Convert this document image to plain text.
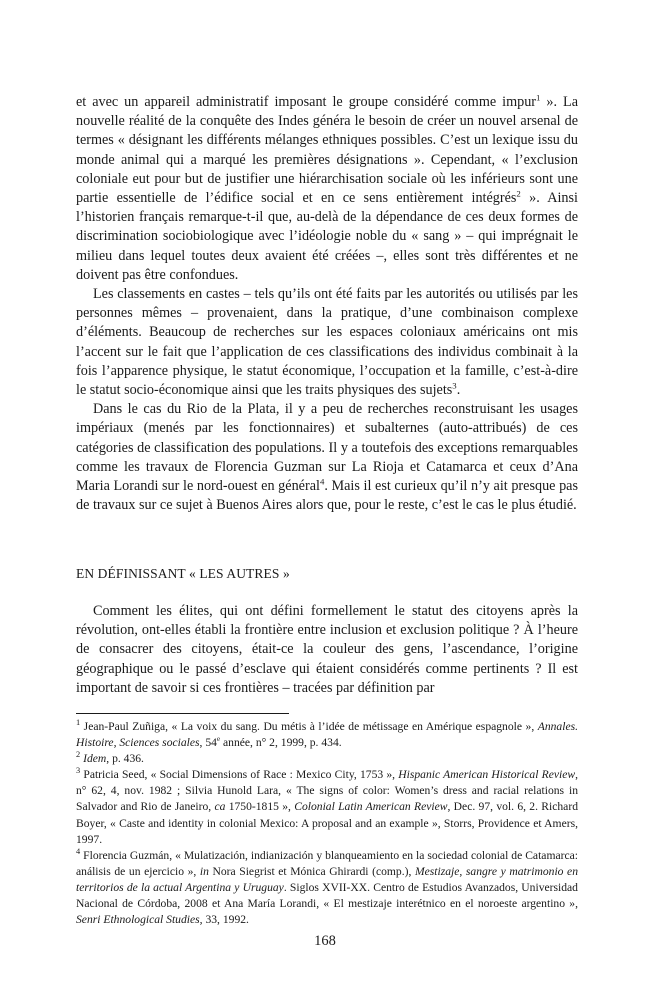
et avec un appareil administratif imposant le groupe considéré comme impur$^1$ ». La nouvelle réalité de la conquête des Indes généra le besoin de créer un nouvel arsenal de termes « désignant les différents mélanges ethniques possibles. C’est un lexique issu du monde animal qui a marqué les premières désignations ». Cependant, « l’exclusion coloniale eut pour but de justifier une hiérarchisation sociale où les inférieurs sont une partie essentielle de l’édifice social et en ce sens entièrement intégrés$^2$ ». Ainsi l’historien français remarque-t-il que, au-delà de la dépendance de ces deux formes de discrimination sociobiologique avec l’idéologie noble du « sang » – qui imprégnait le milieu dans lequel toutes deux avaient été créées –, elles sont très différentes et ne doivent pas être confondues.

Les classements en castes – tels qu’ils ont été faits par les autorités ou utilisés par les personnes mêmes – provenaient, dans la pratique, d’une combinaison complexe d’éléments. Beaucoup de recherches sur les espaces coloniaux américains ont mis l’accent sur le fait que l’application de ces classifications des individus combinait à la fois l’apparence physique, le statut économique, l’occupation et la famille, c’est-à-dire le statut socio-économique ainsi que les traits physiques des sujets$^3$.

Dans le cas du Rio de la Plata, il y a peu de recherches reconstruisant les usages impériaux (menés par les fonctionnaires) et subalternes (auto-attribués) de ces catégories de classification des populations. Il y a toutefois des exceptions remarquables comme les travaux de Florencia Guzman sur La Rioja et Catamarca et ceux d’Ana Maria Lorandi sur le nord-ouest en général$^4$. Mais il est curieux qu’il n’y ait presque pas de travaux sur ce sujet à Buenos Aires alors que, pour le reste, c’est le cas le plus étudié.

EN DÉFINISSANT « LES AUTRES »

Comment les élites, qui ont défini formellement le statut des citoyens après la révolution, ont-elles établi la frontière entre inclusion et exclusion politique ? À l’heure de consacrer des citoyens, était-ce la couleur des gens, l’ascendance, l’origine géographique ou le passé d’esclave qui étaient considérés comme pertinents ? Il est important de savoir si ces frontières – tracées par définition par

$^1$ Jean-Paul Zuñiga, « La voix du sang. Du métis à l’idée de métissage en Amérique espagnole », Annales. Histoire, Sciences sociales, 54e année, n° 2, 1999, p. 434.

$^2$ Idem, p. 436.

$^3$ Patricia Seed, « Social Dimensions of Race : Mexico City, 1753 », Hispanic American Historical Review, n° 62, 4, nov. 1982 ; Silvia Hunold Lara, « The signs of color: Women’s dress and racial relations in Salvador and Rio de Janeiro, ca 1750-1815 », Colonial Latin American Review, Dec. 97, vol. 6, 2. Richard Boyer, « Caste and identity in colonial Mexico: A proposal and an example », Storrs, Providence et Amers, 1997.

$^4$ Florencia Guzmán, « Mulatización, indianización y blanqueamiento en la sociedad colonial de Catamarca: análisis de un ejercicio », in Nora Siegrist et Mónica Ghirardi (comp.), Mestizaje, sangre y matrimonio en territorios de la actual Argentina y Uruguay. Siglos XVII-XX. Centro de Estudios Avanzados, Universidad Nacional de Córdoba, 2008 et Ana María Lorandi, « El mestizaje interétnico en el noroeste argentino », Senri Ethnological Studies, 33, 1992.

168
